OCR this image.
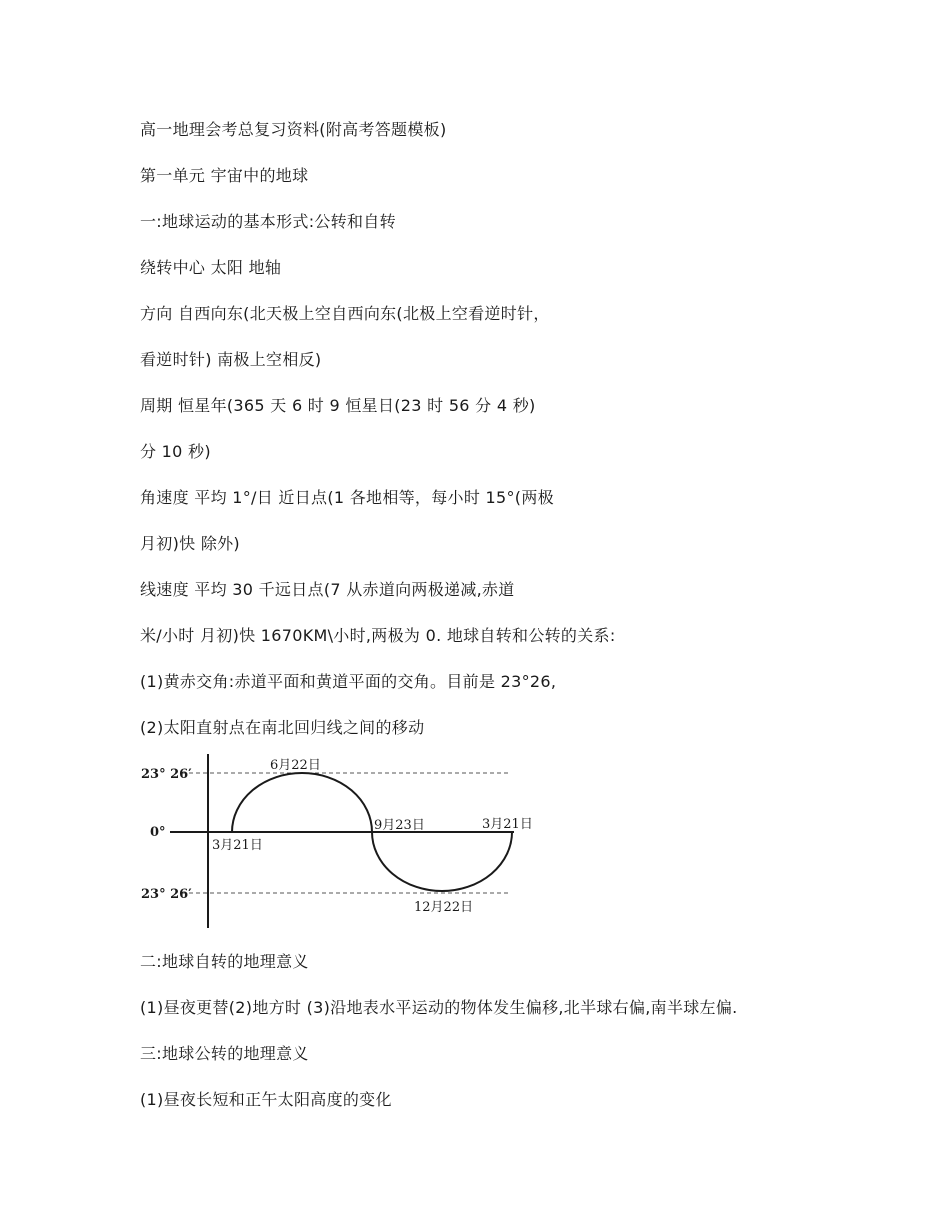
高一地理会考总复习资料(附高考答题模板)

第一单元 宇宙中的地球

一:地球运动的基本形式:公转和自转

绕转中心 太阳 地轴

方向 自西向东(北天极上空自西向东(北极上空看逆时针，

看逆时针) 南极上空相反)

周期 恒星年(365 天 6 时 9 恒星日(23 时 56 分 4 秒)

分 10 秒)

角速度 平均 1°/日 近日点(1 各地相等，每小时 15°(两极

月初)快 除外)

线速度 平均 30 千远日点(7 从赤道向两极递减,赤道

米/小时 月初)快 1670KM\小时,两极为 0. 地球自转和公转的关系:

(1)黄赤交角:赤道平面和黄道平面的交角。目前是 23°26,

(2)太阳直射点在南北回归线之间的移动

23° 26′
0°
23° 26′
6月22日
3月21日
9月23日	3月21日
12月22日

二:地球自转的地理意义

(1)昼夜更替(2)地方时 (3)沿地表水平运动的物体发生偏移,北半球右偏,南半球左偏.

三:地球公转的地理意义

(1)昼夜长短和正午太阳高度的变化
